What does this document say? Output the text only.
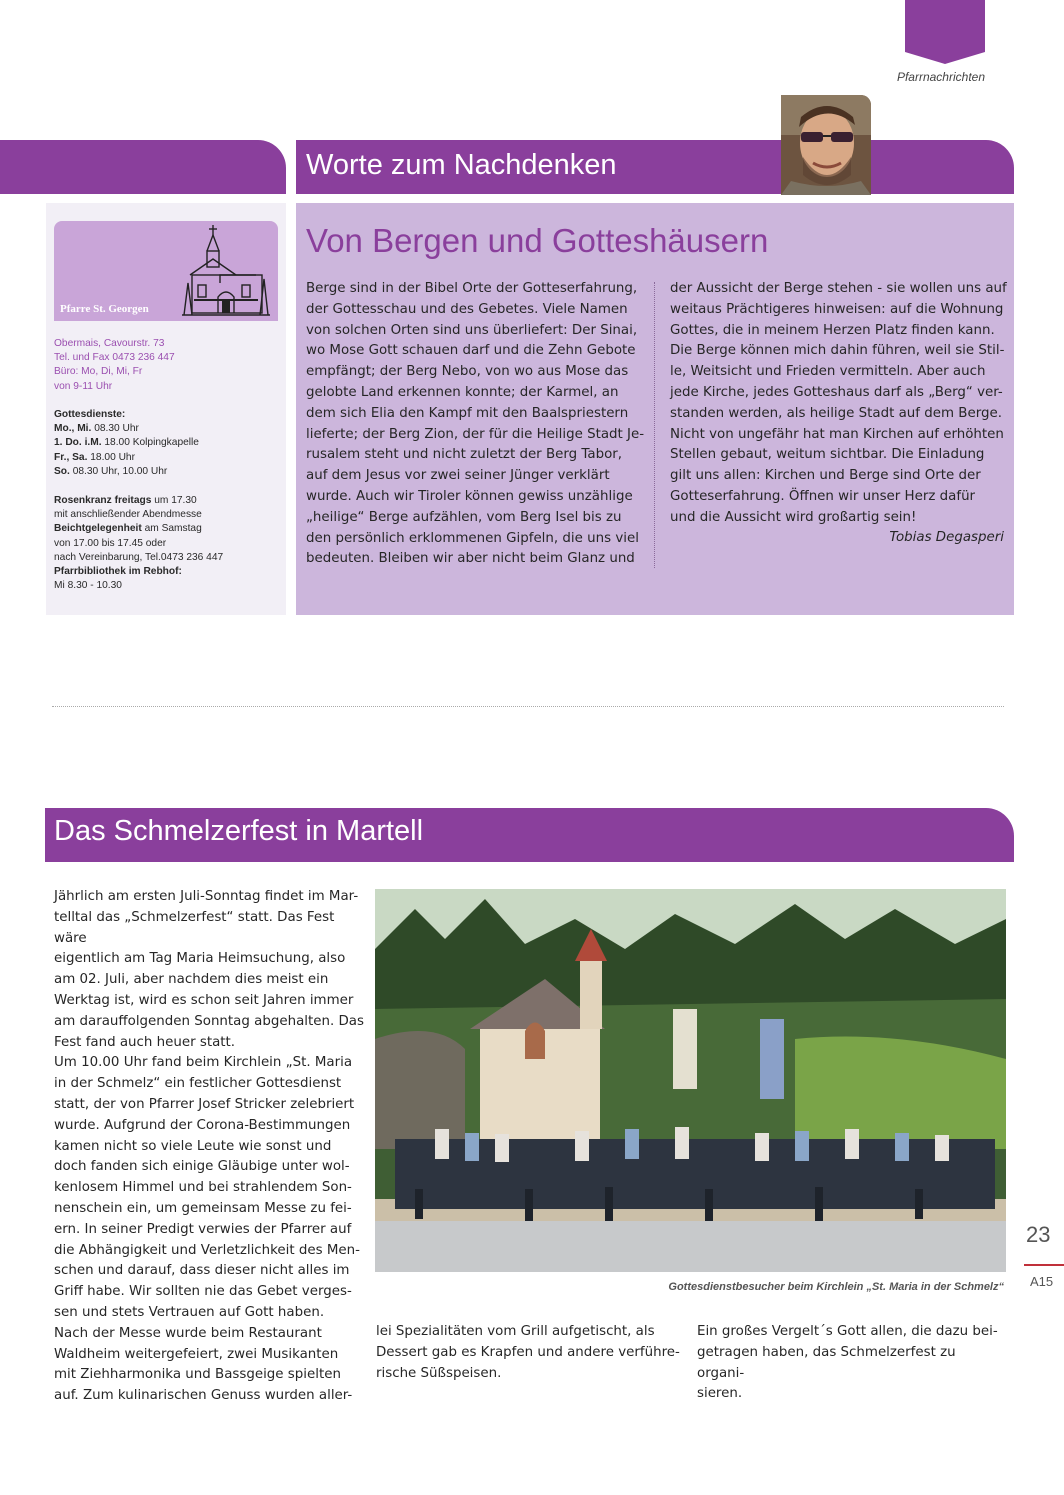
Pfarrnachrichten
Worte zum Nachdenken
Pfarre St. Georgen
Obermais, Cavourstr. 73
Tel. und Fax 0473 236 447
Büro: Mo, Di, Mi, Fr
von 9-11 Uhr
Gottesdienste:
Mo., Mi. 08.30 Uhr
1. Do. i.M. 18.00 Kolpingkapelle
Fr., Sa. 18.00 Uhr
So. 08.30 Uhr, 10.00 Uhr
Rosenkranz freitags um 17.30
mit anschließender Abendmesse
Beichtgelegenheit am Samstag
von 17.00 bis 17.45 oder
nach Vereinbarung, Tel.0473 236 447
Pfarrbibliothek im Rebhof:
Mi 8.30 - 10.30
Von Bergen und Gotteshäusern
Berge sind in der Bibel Orte der Gotteserfahrung,
der Gottesschau und des Gebetes. Viele Namen
von solchen Orten sind uns überliefert: Der Sinai,
wo Mose Gott schauen darf und die Zehn Gebote
empfängt; der Berg Nebo, von wo aus Mose das
gelobte Land erkennen konnte; der Karmel, an
dem sich Elia den Kampf mit den Baalspriestern
lieferte; der Berg Zion, der für die Heilige Stadt Je-
rusalem steht und nicht zuletzt der Berg Tabor,
auf dem Jesus vor zwei seiner Jünger verklärt
wurde. Auch wir Tiroler können gewiss unzählige
„heilige“ Berge aufzählen, vom Berg Isel bis zu
den persönlich erklommenen Gipfeln, die uns viel
bedeuten. Bleiben wir aber nicht beim Glanz und
der Aussicht der Berge stehen - sie wollen uns auf
weitaus Prächtigeres hinweisen: auf die Wohnung
Gottes, die in meinem Herzen Platz finden kann.
Die Berge können mich dahin führen, weil sie Stil-
le, Weitsicht und Frieden vermitteln. Aber auch
jede Kirche, jedes Gotteshaus darf als „Berg“ ver-
standen werden, als heilige Stadt auf dem Berge.
Nicht von ungefähr hat man Kirchen auf erhöhten
Stellen gebaut, weitum sichtbar. Die Einladung
gilt uns allen: Kirchen und Berge sind Orte der
Gotteserfahrung. Öffnen wir unser Herz dafür
und die Aussicht wird großartig sein!
Tobias Degasperi
Das Schmelzerfest in Martell
Jährlich am ersten Juli-Sonntag findet im Mar-
telltal das „Schmelzerfest“ statt. Das Fest wäre
eigentlich am Tag Maria Heimsuchung, also
am 02. Juli, aber nachdem dies meist ein
Werktag ist, wird es schon seit Jahren immer
am darauffolgenden Sonntag abgehalten. Das
Fest fand auch heuer statt.
Um 10.00 Uhr fand beim Kirchlein „St. Maria
in der Schmelz“ ein festlicher Gottesdienst
statt, der von Pfarrer Josef Stricker zelebriert
wurde. Aufgrund der Corona-Bestimmungen
kamen nicht so viele Leute wie sonst und
doch fanden sich einige Gläubige unter wol-
kenlosem Himmel und bei strahlendem Son-
nenschein ein, um gemeinsam Messe zu fei-
ern. In seiner Predigt verwies der Pfarrer auf
die Abhängigkeit und Verletzlichkeit des Men-
schen und darauf, dass dieser nicht alles im
Griff habe. Wir sollten nie das Gebet verges-
sen und stets Vertrauen auf Gott haben.
Nach der Messe wurde beim Restaurant
Waldheim weitergefeiert, zwei Musikanten
mit Ziehharmonika und Bassgeige spielten
auf. Zum kulinarischen Genuss wurden aller-
Gottesdienstbesucher beim Kirchlein „St. Maria in der Schmelz“
lei Spezialitäten vom Grill aufgetischt, als
Dessert gab es Krapfen und andere verführe-
rische Süßspeisen.
Ein großes Vergelt´s Gott allen, die dazu bei-
getragen haben, das Schmelzerfest zu organi-
sieren.
23
A15
